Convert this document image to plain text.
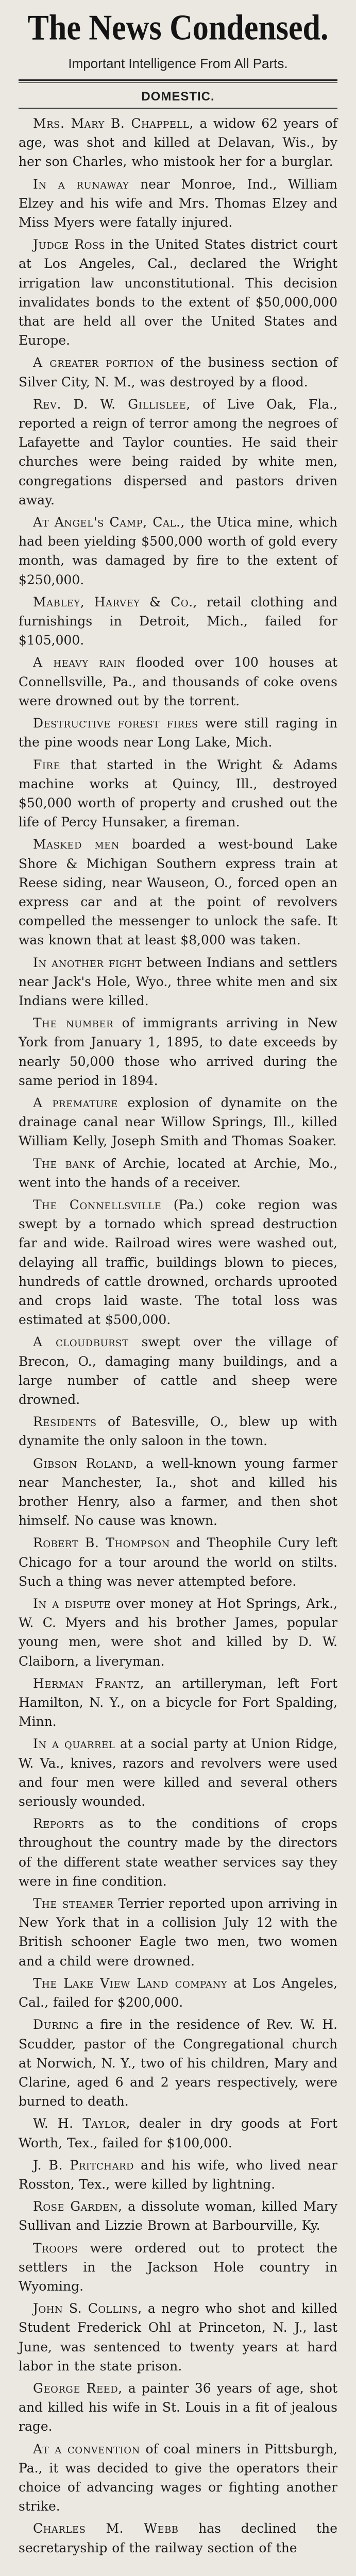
The News Condensed.
Important Intelligence From All Parts.
DOMESTIC.

Mrs. Mary B. Chappell, a widow 62 years of age, was shot and killed at Delavan, Wis., by her son Charles, who mistook her for a burglar.

In a runaway near Monroe, Ind., William Elzey and his wife and Mrs. Thomas Elzey and Miss Myers were fatally injured.

Judge Ross in the United States district court at Los Angeles, Cal., declared the Wright irrigation law unconstitutional. This decision invalidates bonds to the extent of $50,000,000 that are held all over the United States and Europe.

A greater portion of the business section of Silver City, N. M., was destroyed by a flood.

Rev. D. W. Gillislee, of Live Oak, Fla., reported a reign of terror among the negroes of Lafayette and Taylor counties. He said their churches were being raided by white men, congregations dispersed and pastors driven away.

At Angel's Camp, Cal., the Utica mine, which had been yielding $500,000 worth of gold every month, was damaged by fire to the extent of $250,000.

Mabley, Harvey & Co., retail clothing and furnishings in Detroit, Mich., failed for $105,000.

A heavy rain flooded over 100 houses at Connellsville, Pa., and thousands of coke ovens were drowned out by the torrent.

Destructive forest fires were still raging in the pine woods near Long Lake, Mich.

Fire that started in the Wright & Adams machine works at Quincy, Ill., destroyed $50,000 worth of property and crushed out the life of Percy Hunsaker, a fireman.

Masked men boarded a west-bound Lake Shore & Michigan Southern express train at Reese siding, near Wauseon, O., forced open an express car and at the point of revolvers compelled the messenger to unlock the safe. It was known that at least $8,000 was taken.

In another fight between Indians and settlers near Jack's Hole, Wyo., three white men and six Indians were killed.

The number of immigrants arriving in New York from January 1, 1895, to date exceeds by nearly 50,000 those who arrived during the same period in 1894.

A premature explosion of dynamite on the drainage canal near Willow Springs, Ill., killed William Kelly, Joseph Smith and Thomas Soaker.

The bank of Archie, located at Archie, Mo., went into the hands of a receiver.

The Connellsville (Pa.) coke region was swept by a tornado which spread destruction far and wide. Railroad wires were washed out, delaying all traffic, buildings blown to pieces, hundreds of cattle drowned, orchards uprooted and crops laid waste. The total loss was estimated at $500,000.

A cloudburst swept over the village of Brecon, O., damaging many buildings, and a large number of cattle and sheep were drowned.

Residents of Batesville, O., blew up with dynamite the only saloon in the town.

Gibson Roland, a well-known young farmer near Manchester, Ia., shot and killed his brother Henry, also a farmer, and then shot himself. No cause was known.

Robert B. Thompson and Theophile Cury left Chicago for a tour around the world on stilts. Such a thing was never attempted before.

In a dispute over money at Hot Springs, Ark., W. C. Myers and his brother James, popular young men, were shot and killed by D. W. Claiborn, a liveryman.

Herman Frantz, an artilleryman, left Fort Hamilton, N. Y., on a bicycle for Fort Spalding, Minn.

In a quarrel at a social party at Union Ridge, W. Va., knives, razors and revolvers were used and four men were killed and several others seriously wounded.

Reports as to the conditions of crops throughout the country made by the directors of the different state weather services say they were in fine condition.

The steamer Terrier reported upon arriving in New York that in a collision July 12 with the British schooner Eagle two men, two women and a child were drowned.

The Lake View Land company at Los Angeles, Cal., failed for $200,000.

During a fire in the residence of Rev. W. H. Scudder, pastor of the Congregational church at Norwich, N. Y., two of his children, Mary and Clarine, aged 6 and 2 years respectively, were burned to death.

W. H. Taylor, dealer in dry goods at Fort Worth, Tex., failed for $100,000.

J. B. Pritchard and his wife, who lived near Rosston, Tex., were killed by lightning.

Rose Garden, a dissolute woman, killed Mary Sullivan and Lizzie Brown at Barbourville, Ky.

Troops were ordered out to protect the settlers in the Jackson Hole country in Wyoming.

John S. Collins, a negro who shot and killed Student Frederick Ohl at Princeton, N. J., last June, was sentenced to twenty years at hard labor in the state prison.

George Reed, a painter 36 years of age, shot and killed his wife in St. Louis in a fit of jealous rage.

At a convention of coal miners in Pittsburgh, Pa., it was decided to give the operators their choice of advancing wages or fighting another strike.

Charles M. Webb has declined the secretaryship of the railway section of the
